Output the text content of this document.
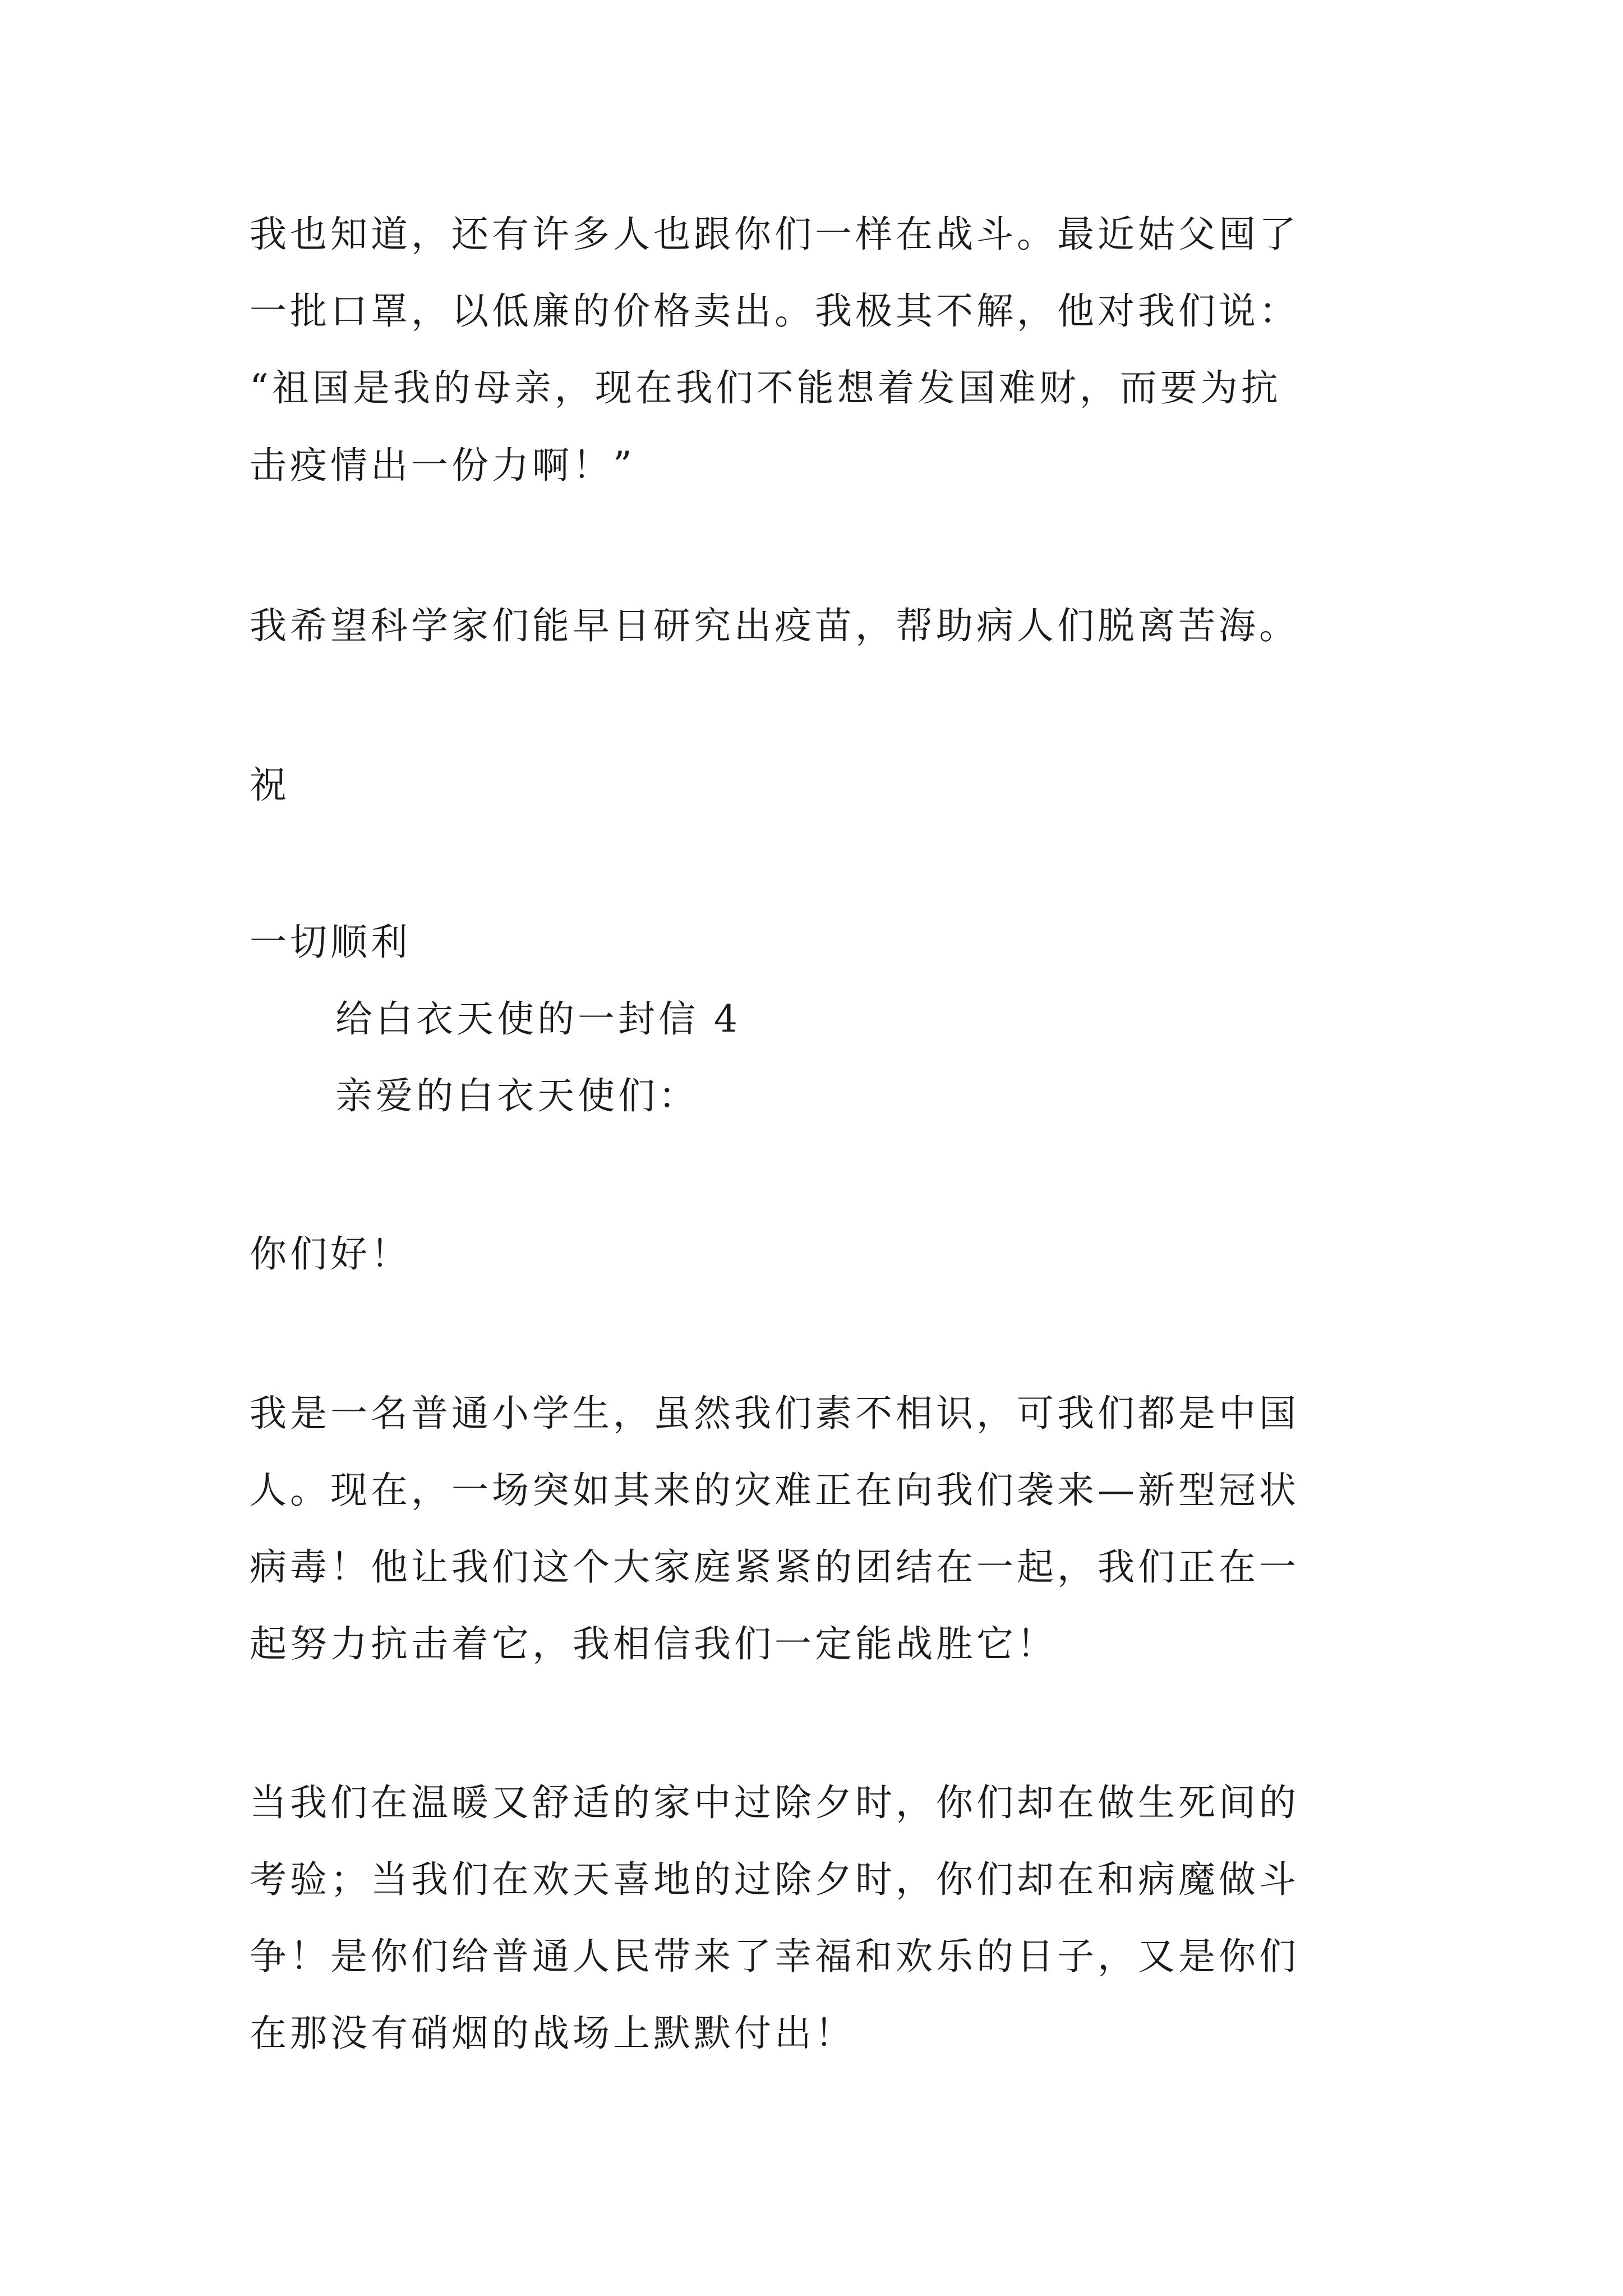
我也知道，还有许多人也跟你们一样在战斗。最近姑父囤了
一批口罩，以低廉的价格卖出。我极其不解，他对我们说：
“祖国是我的母亲，现在我们不能想着发国难财，而要为抗
击疫情出一份力啊！”
我希望科学家们能早日研究出疫苗，帮助病人们脱离苦海。
祝
一切顺利
给白衣天使的一封信 4
亲爱的白衣天使们：
你们好！
我是一名普通小学生，虽然我们素不相识，可我们都是中国
人。现在，一场突如其来的灾难正在向我们袭来—新型冠状
病毒！他让我们这个大家庭紧紧的团结在一起，我们正在一
起努力抗击着它，我相信我们一定能战胜它！
当我们在温暖又舒适的家中过除夕时，你们却在做生死间的
考验；当我们在欢天喜地的过除夕时，你们却在和病魔做斗
争！是你们给普通人民带来了幸福和欢乐的日子，又是你们
在那没有硝烟的战场上默默付出！
